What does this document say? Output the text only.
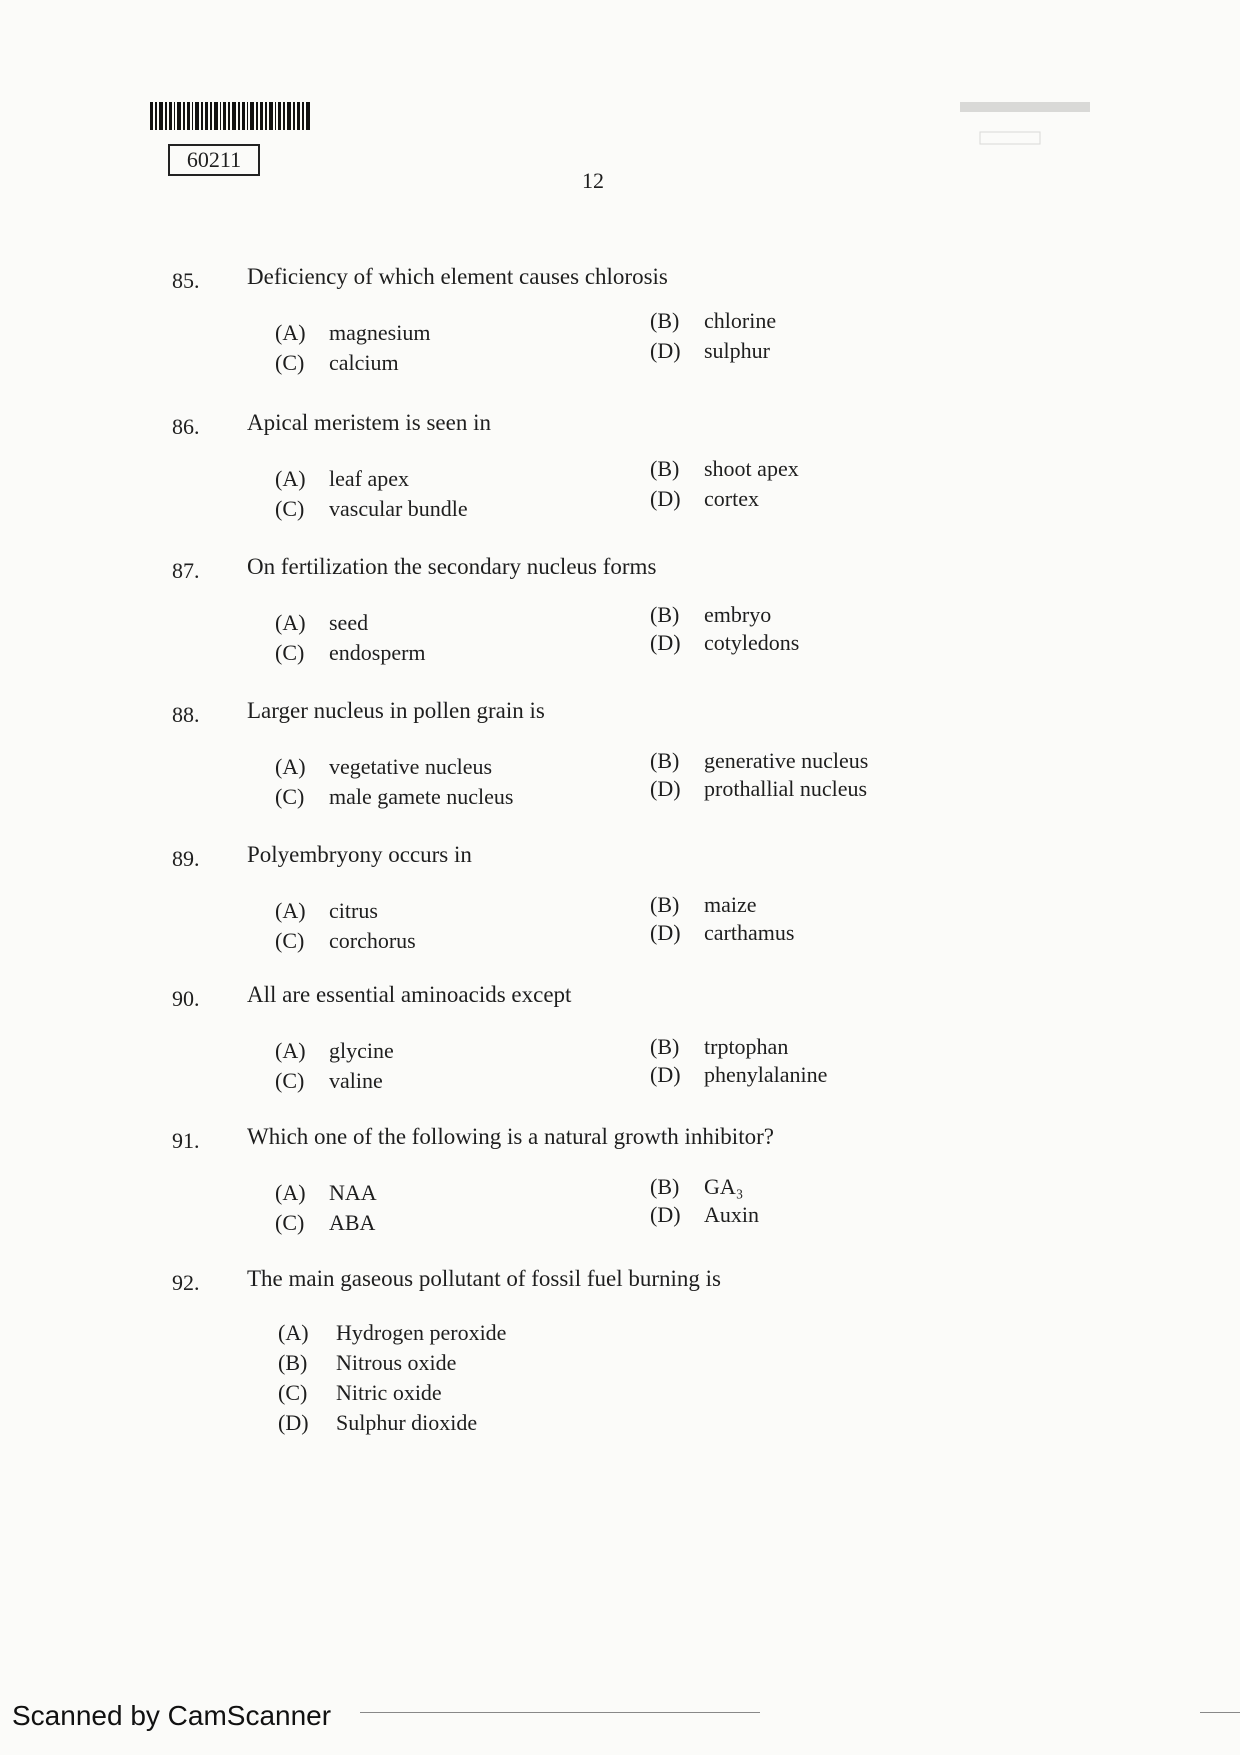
60211
12
85. Deficiency of which element causes chlorosis
(A) magnesium	(B) chlorine
(C) calcium	(D) sulphur
86. Apical meristem is seen in
(A) leaf apex	(B) shoot apex
(C) vascular bundle	(D) cortex
87. On fertilization the secondary nucleus forms
(A) seed	(B) embryo
(C) endosperm	(D) cotyledons
88. Larger nucleus in pollen grain is
(A) vegetative nucleus	(B) generative nucleus
(C) male gamete nucleus	(D) prothallial nucleus
89. Polyembryony occurs in
(A) citrus	(B) maize
(C) corchorus	(D) carthamus
90. All are essential aminoacids except
(A) glycine	(B) trptophan
(C) valine	(D) phenylalanine
91. Which one of the following is a natural growth inhibitor?
(A) NAA	(B) GA₃
(C) ABA	(D) Auxin
92. The main gaseous pollutant of fossil fuel burning is
(A) Hydrogen peroxide
(B) Nitrous oxide
(C) Nitric oxide
(D) Sulphur dioxide
Scanned by CamScanner
